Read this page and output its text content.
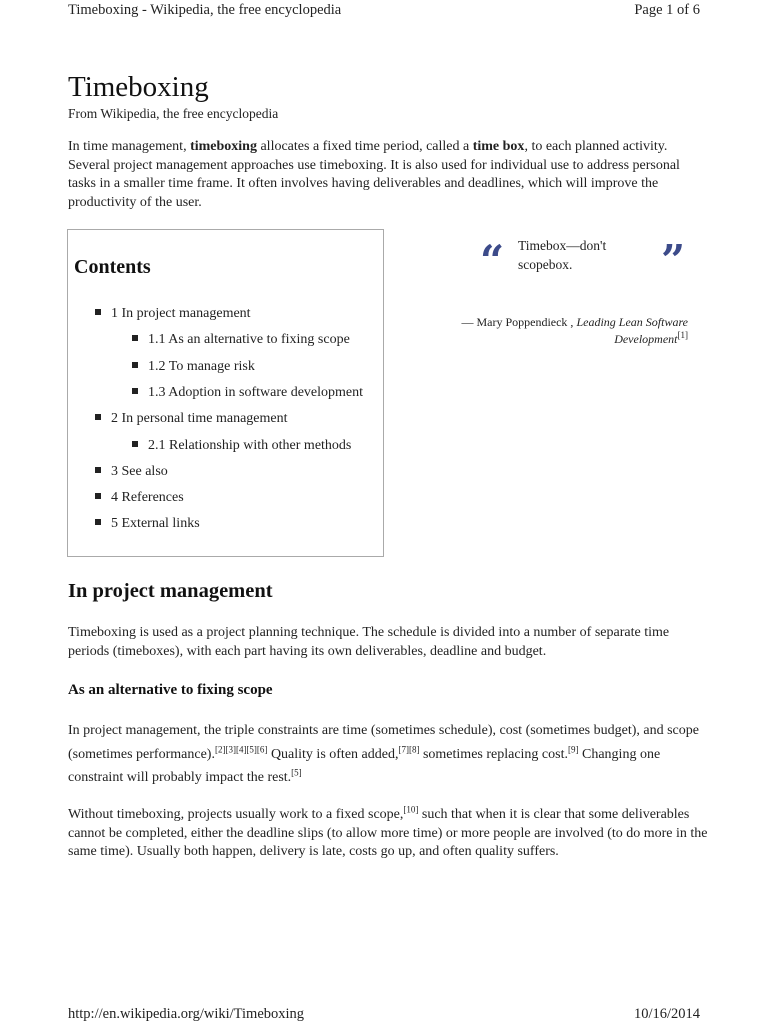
Timeboxing - Wikipedia, the free encyclopedia	Page 1 of 6
Timeboxing
From Wikipedia, the free encyclopedia

In time management, timeboxing allocates a fixed time period, called a time box, to each planned activity. Several project management approaches use timeboxing. It is also used for individual use to address personal tasks in a smaller time frame. It often involves having deliverables and deadlines, which will improve the productivity of the user.

Contents
1 In project management
1.1 As an alternative to fixing scope
1.2 To manage risk
1.3 Adoption in software development
2 In personal time management
2.1 Relationship with other methods
3 See also
4 References
5 External links
“ Timebox—don't scopebox.	”
— Mary Poppendieck , Leading Lean Software Development[1]
In project management

Timeboxing is used as a project planning technique. The schedule is divided into a number of separate time periods (timeboxes), with each part having its own deliverables, deadline and budget.

As an alternative to fixing scope

In project management, the triple constraints are time (sometimes schedule), cost (sometimes budget), and scope (sometimes performance).[2][3][4][5][6] Quality is often added,[7][8] sometimes replacing cost.[9] Changing one constraint will probably impact the rest.[5]

Without timeboxing, projects usually work to a fixed scope,[10] such that when it is clear that some deliverables cannot be completed, either the deadline slips (to allow more time) or more people are involved (to do more in the same time). Usually both happen, delivery is late, costs go up, and often quality suffers.

http://en.wikipedia.org/wiki/Timeboxing	10/16/2014
